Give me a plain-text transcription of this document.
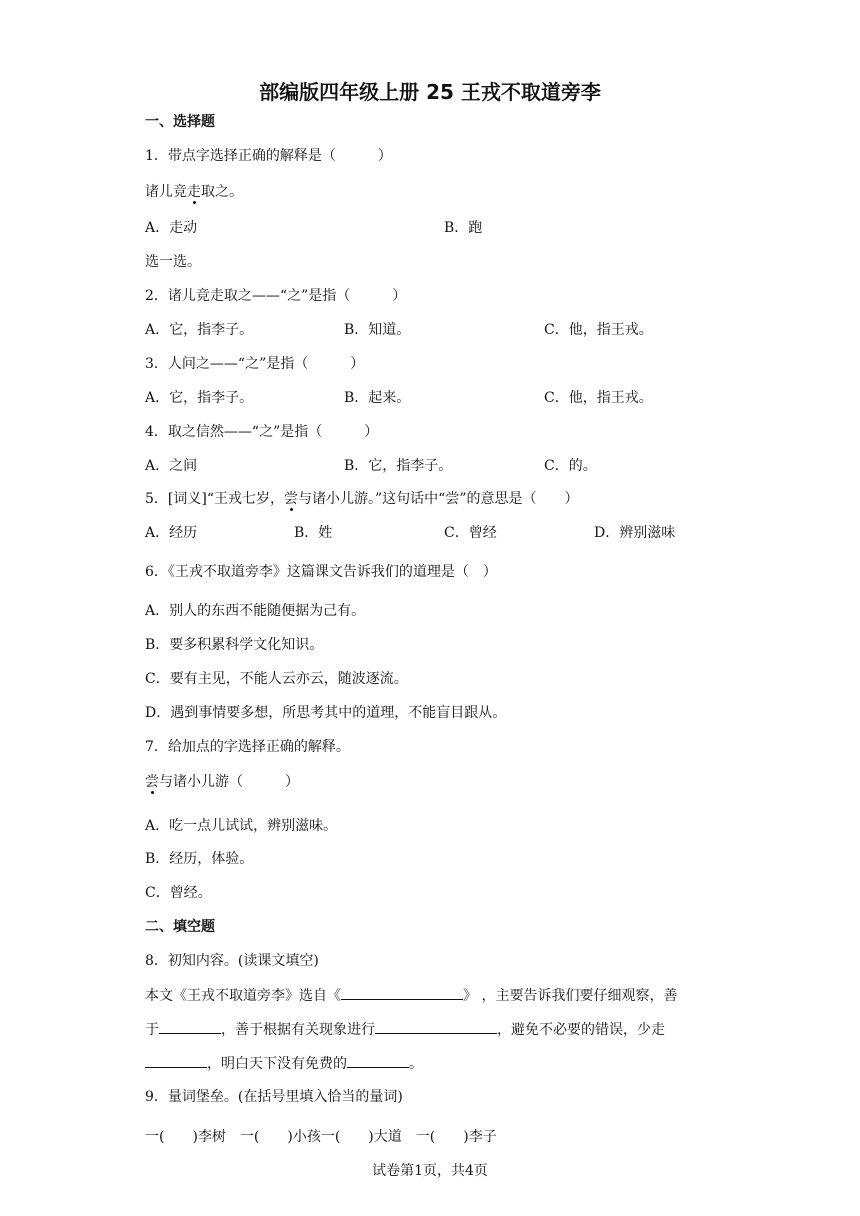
部编版四年级上册 25 王戎不取道旁李
一、选择题
1．带点字选择正确的解释是（　　　）
诸儿竞走取之。
A．走动	B．跑
选一选。
2．诸儿竞走取之——“之”是指（　　　）
A．它，指李子。	B．知道。	C．他，指王戎。
3．人问之——“之”是指（　　　）
A．它，指李子。	B．起来。	C．他，指王戎。
4．取之信然——“之”是指（　　　）
A．之间	B．它，指李子。	C．的。
5．[词义]“王戎七岁，尝与诸小儿游。”这句话中“尝”的意思是（　　）
A．经历	B．姓	C．曾经	D．辨别滋味
6．《王戎不取道旁李》这篇课文告诉我们的道理是（　）
A．别人的东西不能随便据为己有。
B．要多积累科学文化知识。
C．要有主见，不能人云亦云，随波逐流。
D．遇到事情要多想，所思考其中的道理，不能盲目跟从。
7．给加点的字选择正确的解释。
尝与诸小儿游（　　　）
A．吃一点儿试试，辨别滋味。
B．经历，体验。
C．曾经。
二、填空题
8．初知内容。(读课文填空)
本文《王戎不取道旁李》选自《	》 ，主要告诉我们要仔细观察，善
于	，善于根据有关现象进行	，避免不必要的错误，少走
，明白天下没有免费的	。
9．量词堡垒。(在括号里填入恰当的量词)
一(　　)李树　一(　　)小孩一(　　)大道　一(　　)李子
试卷第1页，共4页
